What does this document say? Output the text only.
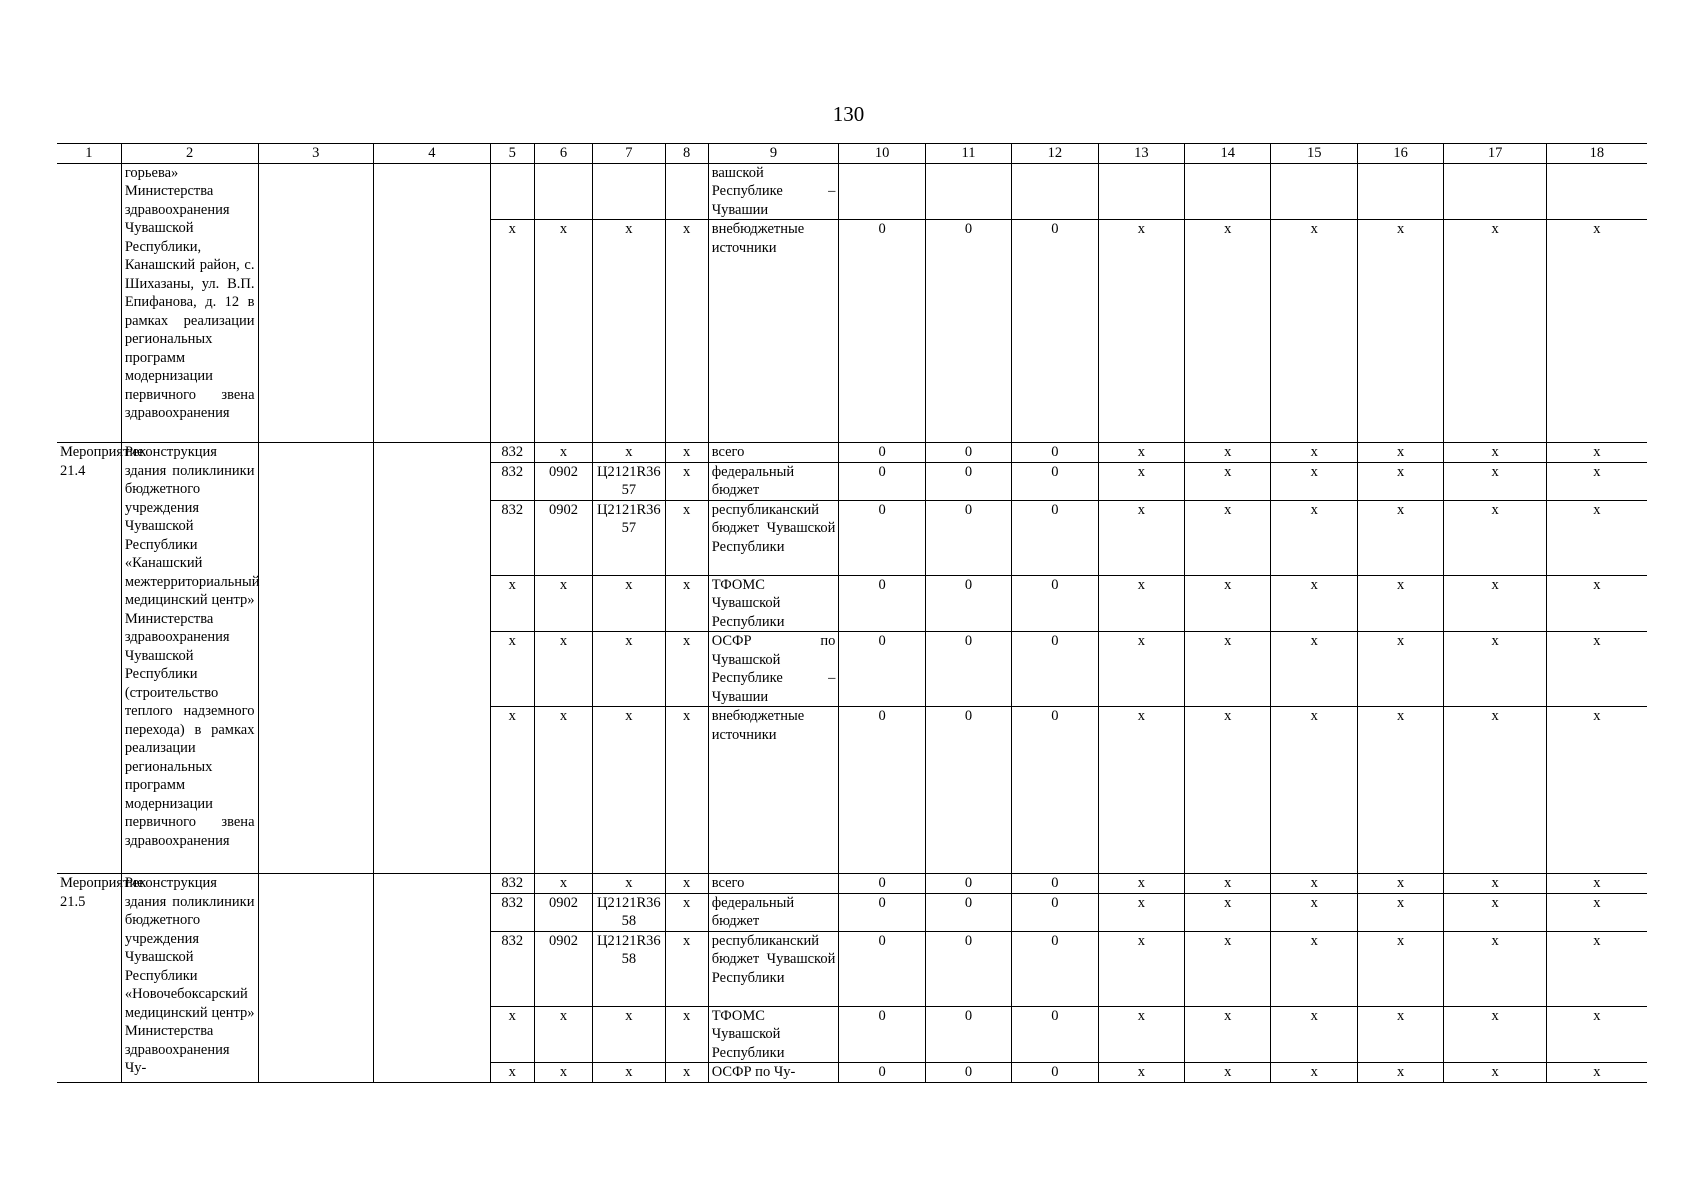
130
1	2	3	4	5	6	7	8	9	10	11	12	13	14	15	16	17	18
	горьева» Министерства здравоохранения Чувашской Республики, Канашский район, с. Шихазаны, ул. В.П. Епифанова, д. 12 в рамках реализации региональных программ модернизации первичного звена здравоохранения							вашской Республике – Чувашии									
				х	х	х	х	внебюджетные источники	0	0	0	х	х	х	х	х	х
Мероприятие 21.4	Реконструкция здания поликлиники бюджетного учреждения Чувашской Республики «Канашский межтерриториальный медицинский центр» Министерства здравоохранения Чувашской Республики (строительство теплого надземного перехода) в рамках реализации региональных программ модернизации первичного звена здравоохранения			832	х	х	х	всего	0	0	0	х	х	х	х	х	х
				832	0902	Ц2121R3657	х	федеральный бюджет	0	0	0	х	х	х	х	х	х
				832	0902	Ц2121R3657	х	республиканский бюджет Чувашской Республики	0	0	0	х	х	х	х	х	х
				х	х	х	х	ТФОМС Чувашской Республики	0	0	0	х	х	х	х	х	х
				х	х	х	х	ОСФР по Чувашской Республике – Чувашии	0	0	0	х	х	х	х	х	х
				х	х	х	х	внебюджетные источники	0	0	0	х	х	х	х	х	х
Мероприятие 21.5	Реконструкция здания поликлиники бюджетного учреждения Чувашской Республики «Новочебоксарский медицинский центр» Министерства здравоохранения Чу-			832	х	х	х	всего	0	0	0	х	х	х	х	х	х
				832	0902	Ц2121R3658	х	федеральный бюджет	0	0	0	х	х	х	х	х	х
				832	0902	Ц2121R3658	х	республиканский бюджет Чувашской Республики	0	0	0	х	х	х	х	х	х
				х	х	х	х	ТФОМС Чувашской Республики	0	0	0	х	х	х	х	х	х
				х	х	х	х	ОСФР по Чу-	0	0	0	х	х	х	х	х	х
